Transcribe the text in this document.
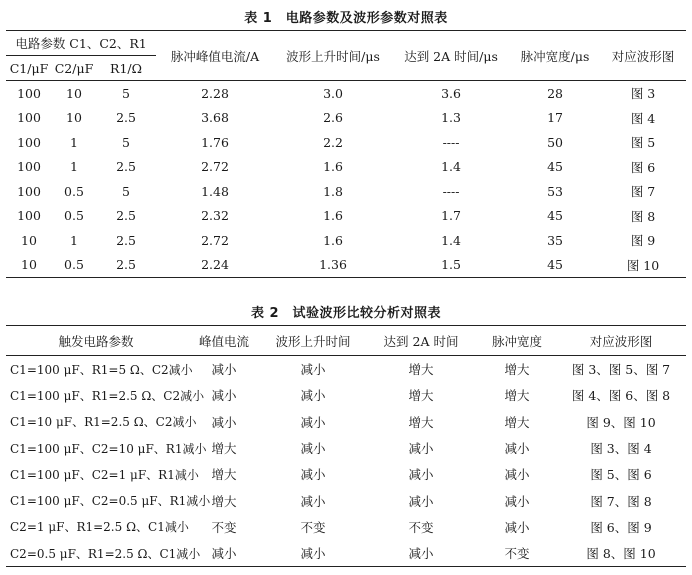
表 1　电路参数及波形参数对照表
电路参数 C1、C2、R1			脉冲峰值电流/A	波形上升时间/μs	达到 2A 时间/μs	脉冲宽度/μs	对应波形图
C1/μF	C2/μF	R1/Ω					
100	10	5	2.28	3.0	3.6	28	图 3
100	10	2.5	3.68	2.6	1.3	17	图 4
100	1	5	1.76	2.2	----	50	图 5
100	1	2.5	2.72	1.6	1.4	45	图 6
100	0.5	5	1.48	1.8	----	53	图 7
100	0.5	2.5	2.32	1.6	1.7	45	图 8
10	1	2.5	2.72	1.6	1.4	35	图 9
10	0.5	2.5	2.24	1.36	1.5	45	图 10
表 2　试验波形比较分析对照表
触发电路参数	峰值电流	波形上升时间	达到 2A 时间	脉冲宽度	对应波形图
C1=100 μF、R1=5 Ω、C2减小	减小	减小	增大	增大	图 3、图 5、图 7
C1=100 μF、R1=2.5 Ω、C2减小	减小	减小	增大	增大	图 4、图 6、图 8
C1=10 μF、R1=2.5 Ω、C2减小	减小	减小	增大	增大	图 9、图 10
C1=100 μF、C2=10 μF、R1减小	增大	减小	减小	减小	图 3、图 4
C1=100 μF、C2=1 μF、R1减小	增大	减小	减小	减小	图 5、图 6
C1=100 μF、C2=0.5 μF、R1减小	增大	减小	减小	减小	图 7、图 8
C2=1 μF、R1=2.5 Ω、C1减小	不变	不变	不变	减小	图 6、图 9
C2=0.5 μF、R1=2.5 Ω、C1减小	减小	减小	减小	不变	图 8、图 10
